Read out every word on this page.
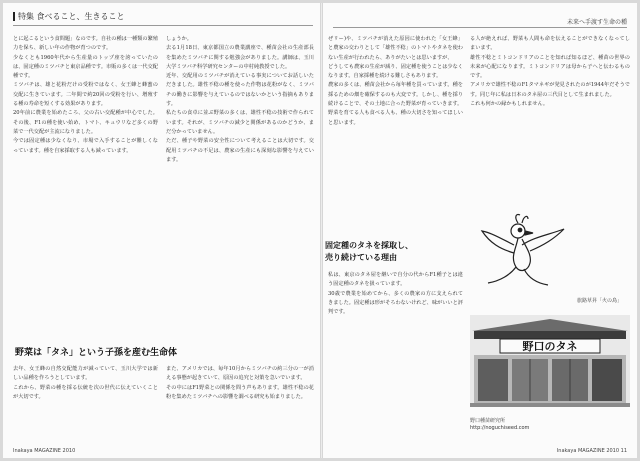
特集 食べること、生きること
未来へ手渡す生命の種

とに起こるという食問題」なのです。自社の種は一種類の繁殖力を保ち、新しい年の作物が育つのです。

少なくとも1960年代から生産量のトップ座を誇っていたのは、固定種のミツバチと東京品種です。市販の多くは一代交配種です。

ミツバチは、雄と花粉だけの受粉ではなく、女王蜂と蜂蜜の交配に生きています。二年間で約20回の受粉を行い、増殖する種の寿命を短くする効果があります。

20年前に農業を始めたころ、父の古い交配種が中心でした。その後、F1の種を使い始め、トマト、キュウリなど多くの野菜で一代交配が主流になりました。

今では固定種は少なくなり、市場で入手することが難しくなっています。種を自家採取する人も減っています。

しょうか。

去る1月18日、東京都国立の農業講座で、種苗会社の生産部長を集めたミツバチに関する勉強会がありました。講師は、玉川大学ミツバチ科学研究センターの中村純教授でした。

近年、交配用のミツバチが消えている事実についてお話しいただきました。雄性不稔の種を使った作物は花粉がなく、ミツバチの働きに影響を与えているのではないかという指摘もあります。

私たちの食卓に並ぶ野菜の多くは、雄性不稔の技術で作られています。それが、ミツバチの減少と関係があるのかどうか、まだ分かっていません。

ただ、種子や野菜の安全性について考えることは大切です。交配用ミツバチの不足は、農家の生産にも深刻な影響を与えています。

野菜は「タネ」という子孫を産む生命体

去年、女王蜂の自然交配能力が減っていて、玉川大学では新しい品種を作ろうとしています。

これから、野菜の種を採る伝統を次の世代に伝えていくことが大切です。

また、アメリカでは、毎年10月からミツバチの約三分の一が消える事態が起きていて、原因の追究と対策を急いでいます。

その中にはF1野菜との関係を問う声もあります。雄性不稔の花粉を集めたミツバチへの影響を調べる研究も始まりました。

Inakaya MAGAZINE 2010

ぜリー)や、ミツバチが消えた原因に使われた「女王蜂」と農家の交わりとして「雄性不稔」のトマトやタネを使わない生産が行われたら、ありがたいとは思いますが、

どうしても農家の生産が減り、固定種を使うことは少なくなります。自家採種を続ける難しさもあります。

農家の多くは、種苗会社から毎年種を買っています。種を採るための畑を確保するのも大変です。しかし、種を採り続けることで、その土地に合った野菜が育っていきます。

野菜を育てる人も食べる人も、種の大切さを知ってほしいと思います。

る人が絶えれば、野菜も人間も命を伝えることができなくなってしまいます。

雄性不稔とミトコンドリアのことを知れば知るほど、種苗の世界の未来が心配になります。ミトコンドリアは母から子へと伝わるものです。

アメリカで雄性不稔のF1タマネギが発見されたのが1944年だそうです。同じ年に私は日本のタネ屋の三代目として生まれました。

これも何かの縁かもしれません。

固定種のタネを採取し、
売り続けている理由

私は、東京のタネ屋を継いで自分の代からF1種子とは違う固定種のタネを扱っています。

30歳で農業を始めてから、多くの農家の方に支えられてきました。固定種は形がそろわないけれど、味がいいと評判です。

旅路草昇「火の鳥」
野口のタネ
野口種苗研究所
http://noguchiseed.com
Inakaya MAGAZINE 2010 11
